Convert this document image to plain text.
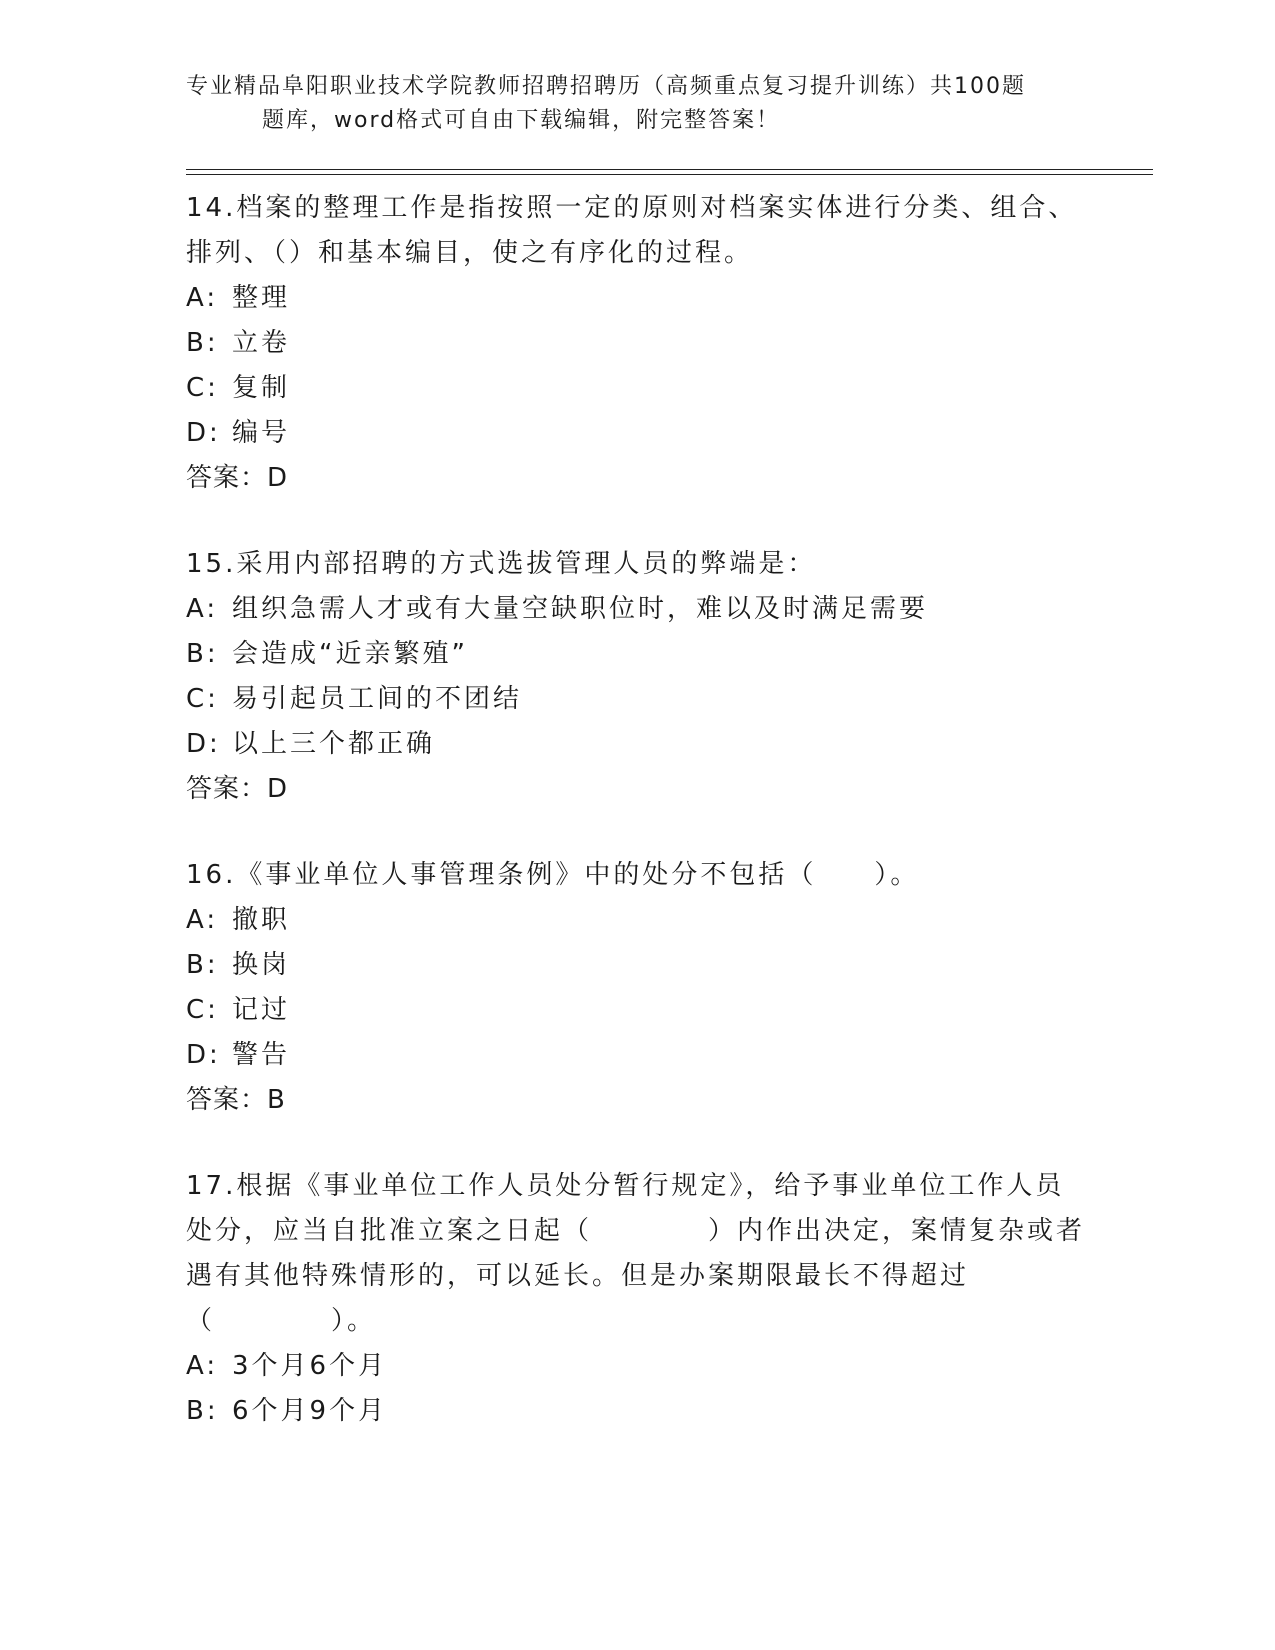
专业精品阜阳职业技术学院教师招聘招聘历（高频重点复习提升训练）共100题
题库，word格式可自由下载编辑，附完整答案！
14.档案的整理工作是指按照一定的原则对档案实体进行分类、组合、排列、（）和基本编目，使之有序化的过程。
A: 整理
B: 立卷
C: 复制
D: 编号
答案：D
15.采用内部招聘的方式选拔管理人员的弊端是：
A: 组织急需人才或有大量空缺职位时，难以及时满足需要
B: 会造成“近亲繁殖”
C: 易引起员工间的不团结
D: 以上三个都正确
答案：D
16.《事业单位人事管理条例》中的处分不包括（　　）。
A: 撤职
B: 换岗
C: 记过
D: 警告
答案：B
17.根据《事业单位工作人员处分暂行规定》，给予事业单位工作人员处分，应当自批准立案之日起（　　　　）内作出决定，案情复杂或者遇有其他特殊情形的，可以延长。但是办案期限最长不得超过（　　　　）。
A: 3个月6个月
B: 6个月9个月
